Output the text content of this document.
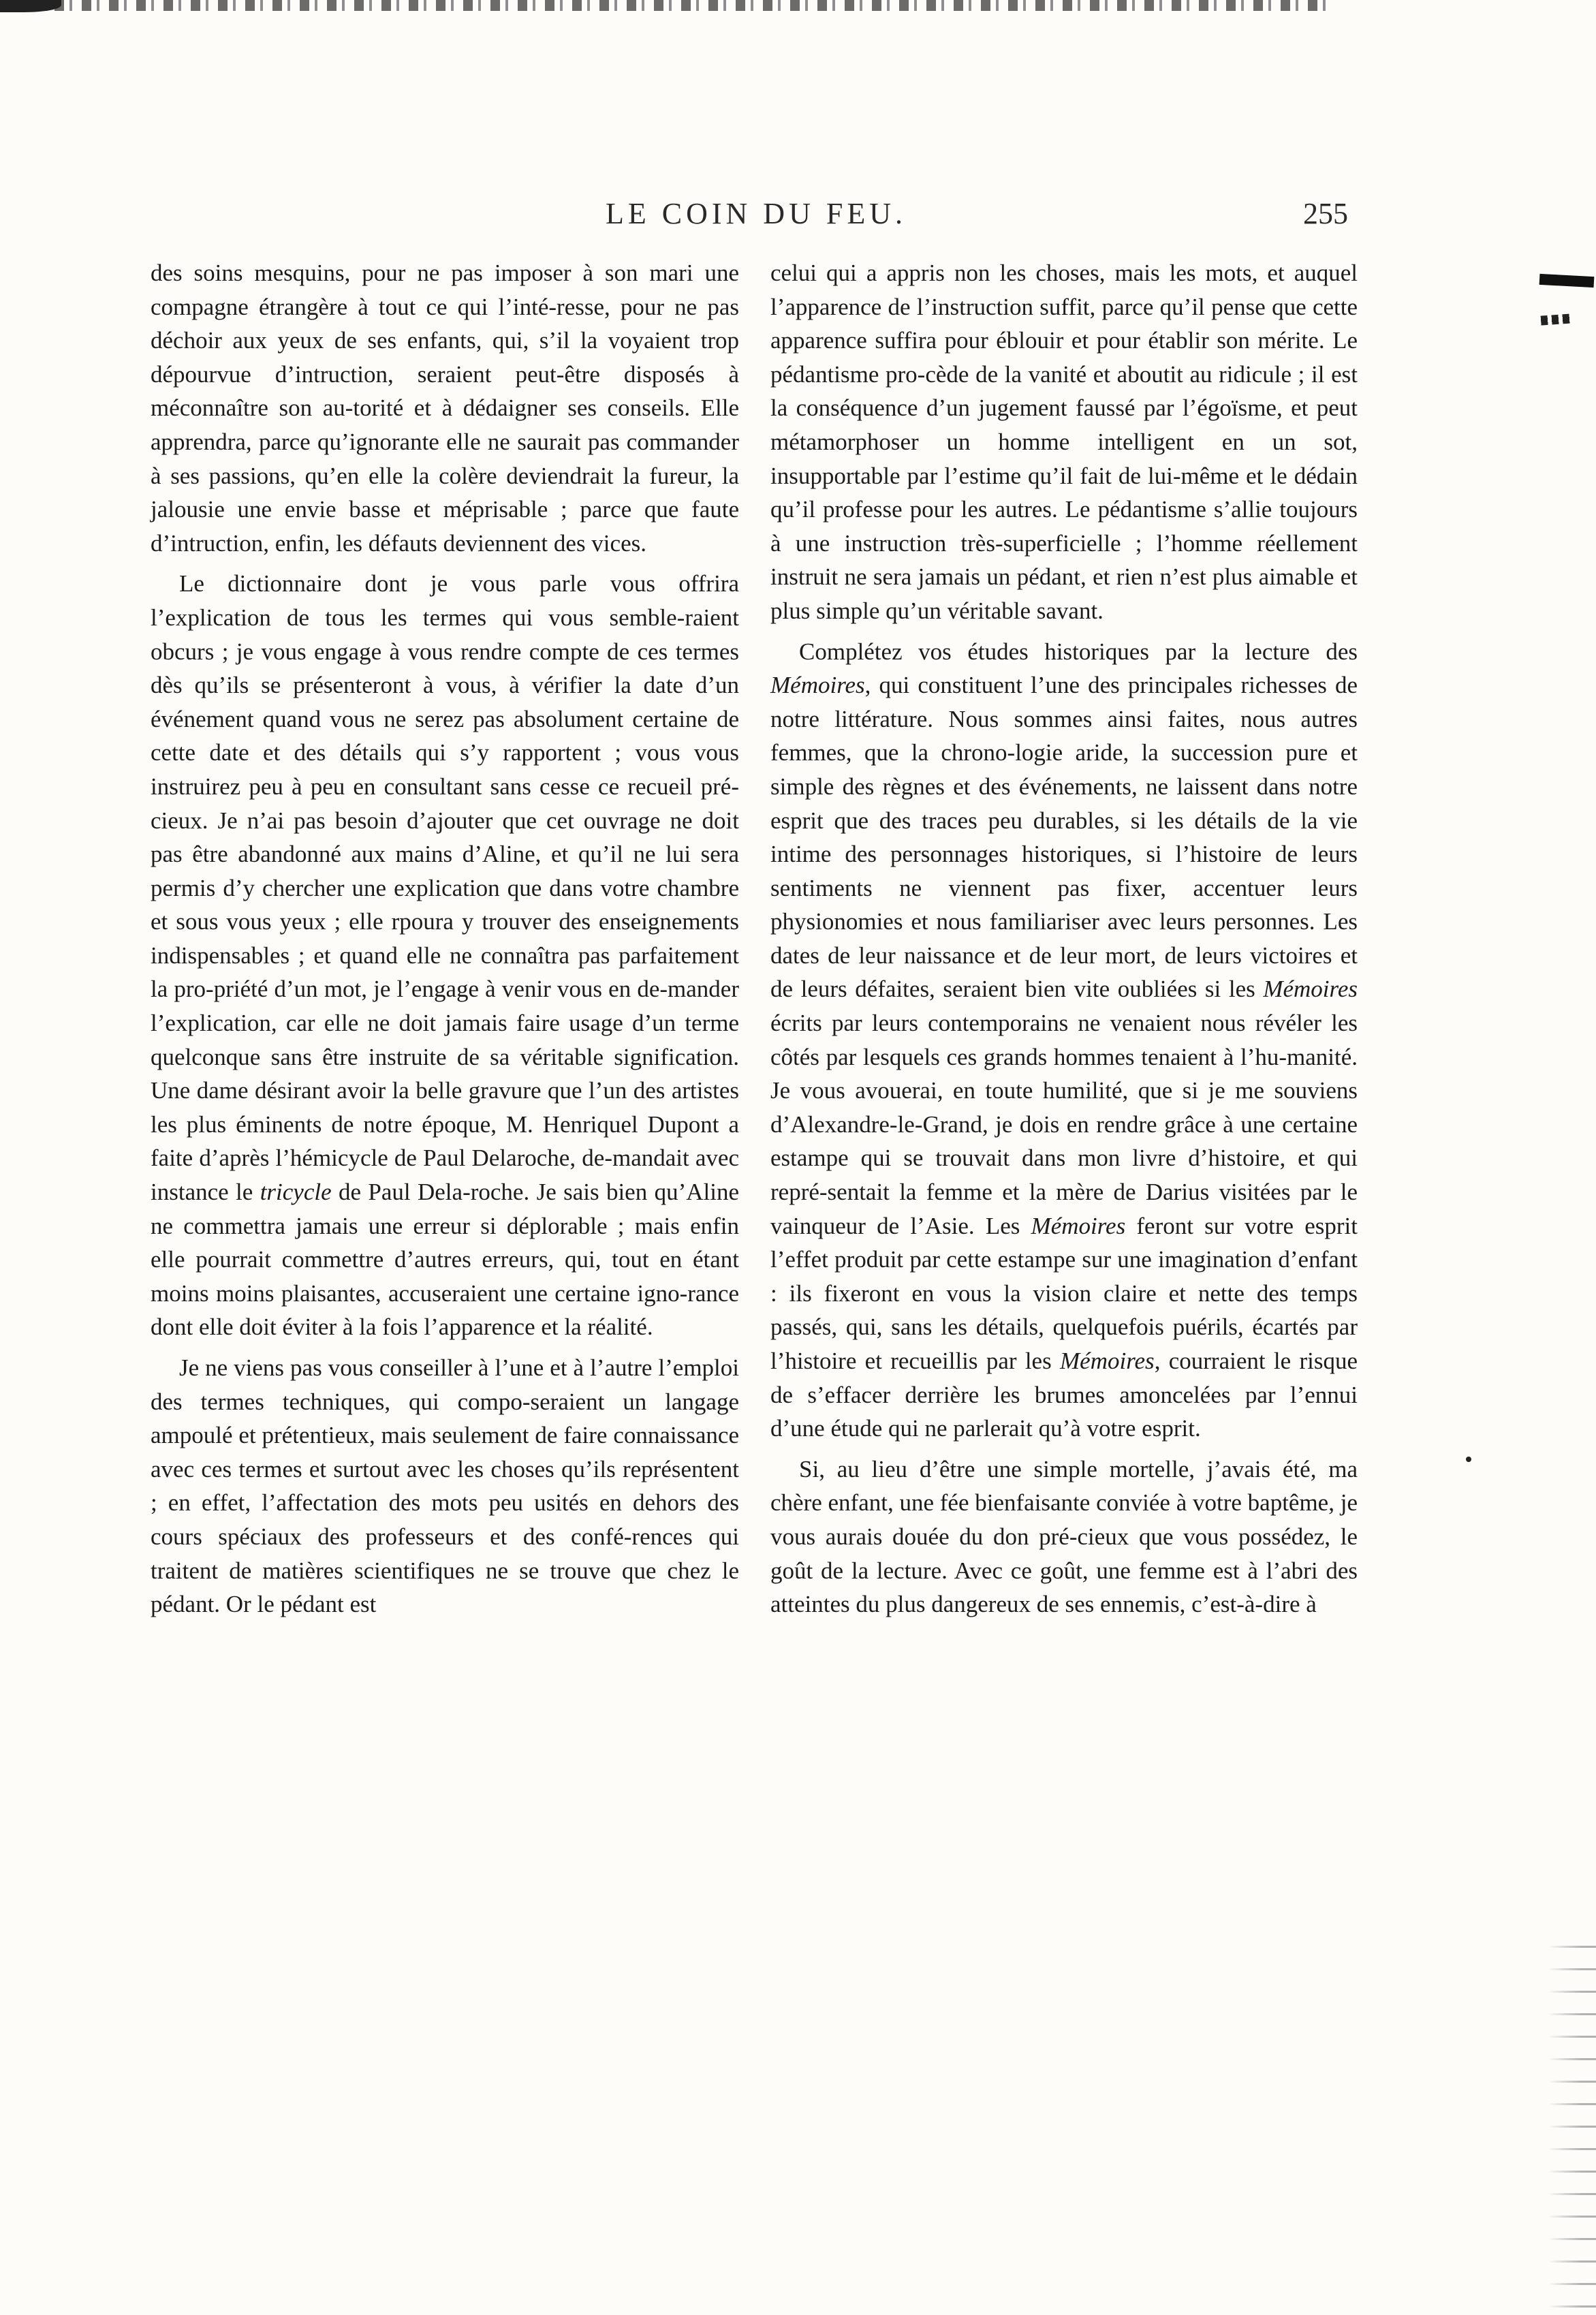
LE COIN DU FEU.	255

des soins mesquins, pour ne pas imposer à son mari une compagne étrangère à tout ce qui l’inté-resse, pour ne pas déchoir aux yeux de ses enfants, qui, s’il la voyaient trop dépourvue d’intruction, seraient peut-être disposés à méconnaître son au-torité et à dédaigner ses conseils. Elle apprendra, parce qu’ignorante elle ne saurait pas commander à ses passions, qu’en elle la colère deviendrait la fureur, la jalousie une envie basse et méprisable ; parce que faute d’intruction, enfin, les défauts deviennent des vices.

Le dictionnaire dont je vous parle vous offrira l’explication de tous les termes qui vous semble-raient obcurs ; je vous engage à vous rendre compte de ces termes dès qu’ils se présenteront à vous, à vérifier la date d’un événement quand vous ne serez pas absolument certaine de cette date et des détails qui s’y rapportent ; vous vous instruirez peu à peu en consultant sans cesse ce recueil pré-cieux. Je n’ai pas besoin d’ajouter que cet ouvrage ne doit pas être abandonné aux mains d’Aline, et qu’il ne lui sera permis d’y chercher une explication que dans votre chambre et sous vous yeux ; elle rpoura y trouver des enseignements indispensables ; et quand elle ne connaîtra pas parfaitement la pro-priété d’un mot, je l’engage à venir vous en de-mander l’explication, car elle ne doit jamais faire usage d’un terme quelconque sans être instruite de sa véritable signification. Une dame désirant avoir la belle gravure que l’un des artistes les plus éminents de notre époque, M. Henriquel Dupont a faite d’après l’hémicycle de Paul Delaroche, de-mandait avec instance le tricycle de Paul Dela-roche. Je sais bien qu’Aline ne commettra jamais une erreur si déplorable ; mais enfin elle pourrait commettre d’autres erreurs, qui, tout en étant moins moins plaisantes, accuseraient une certaine igno-rance dont elle doit éviter à la fois l’apparence et la réalité.

Je ne viens pas vous conseiller à l’une et à l’autre l’emploi des termes techniques, qui compo-seraient un langage ampoulé et prétentieux, mais seulement de faire connaissance avec ces termes et surtout avec les choses qu’ils représentent ; en effet, l’affectation des mots peu usités en dehors des cours spéciaux des professeurs et des confé-rences qui traitent de matières scientifiques ne se trouve que chez le pédant. Or le pédant est

celui qui a appris non les choses, mais les mots, et auquel l’apparence de l’instruction suffit, parce qu’il pense que cette apparence suffira pour éblouir et pour établir son mérite. Le pédantisme pro-cède de la vanité et aboutit au ridicule ; il est la conséquence d’un jugement faussé par l’égoïsme, et peut métamorphoser un homme intelligent en un sot, insupportable par l’estime qu’il fait de lui-même et le dédain qu’il professe pour les autres. Le pédantisme s’allie toujours à une instruction très-superficielle ; l’homme réellement instruit ne sera jamais un pédant, et rien n’est plus aimable et plus simple qu’un véritable savant.

Complétez vos études historiques par la lecture des Mémoires, qui constituent l’une des principales richesses de notre littérature. Nous sommes ainsi faites, nous autres femmes, que la chrono-logie aride, la succession pure et simple des règnes et des événements, ne laissent dans notre esprit que des traces peu durables, si les détails de la vie intime des personnages historiques, si l’histoire de leurs sentiments ne viennent pas fixer, accentuer leurs physionomies et nous familiariser avec leurs personnes. Les dates de leur naissance et de leur mort, de leurs victoires et de leurs défaites, seraient bien vite oubliées si les Mémoires écrits par leurs contemporains ne venaient nous révéler les côtés par lesquels ces grands hommes tenaient à l’hu-manité. Je vous avouerai, en toute humilité, que si je me souviens d’Alexandre-le-Grand, je dois en rendre grâce à une certaine estampe qui se trouvait dans mon livre d’histoire, et qui repré-sentait la femme et la mère de Darius visitées par le vainqueur de l’Asie. Les Mémoires feront sur votre esprit l’effet produit par cette estampe sur une imagination d’enfant : ils fixeront en vous la vision claire et nette des temps passés, qui, sans les détails, quelquefois puérils, écartés par l’histoire et recueillis par les Mémoires, courraient le risque de s’effacer derrière les brumes amoncelées par l’ennui d’une étude qui ne parlerait qu’à votre esprit.

Si, au lieu d’être une simple mortelle, j’avais été, ma chère enfant, une fée bienfaisante conviée à votre baptême, je vous aurais douée du don pré-cieux que vous possédez, le goût de la lecture. Avec ce goût, une femme est à l’abri des atteintes du plus dangereux de ses ennemis, c’est-à-dire à
